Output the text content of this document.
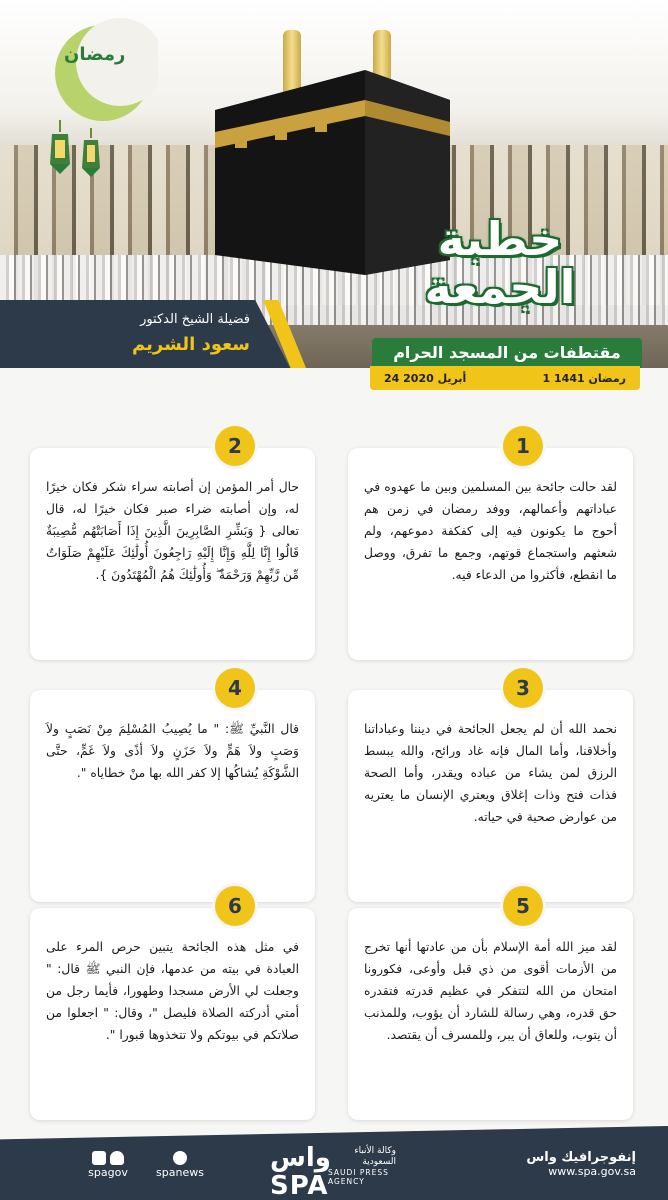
رمضان
خطبة
الجمعة
فضيلة الشيخ الدكتور
سعود الشريم	مقتطفات من المسجد الحرام
24 أبريل 2020	1 رمضان 1441
1
لقد حالت جائحة بين المسلمين وبين ما عهدوه في عباداتهم وأعمالهم، ووفد رمضان في زمن هم أحوج ما يكونون فيه إلى كفكفة دموعهم، ولم شعثهم واستجماع قوتهم، وجمع ما تفرق، ووصل ما انقطع، فأكثروا من الدعاء فيه.
2
حال أمر المؤمن إن أصابته سراء شكر فكان خيرًا له، وإن أصابته ضراء صبر فكان خيرًا له، قال تعالى { وَبَشِّرِ الصَّابِرِينَ الَّذِينَ إِذَا أَصَابَتْهُم مُّصِيبَةٌ قَالُوا إِنَّا لِلَّهِ وَإِنَّا إِلَيْهِ رَاجِعُونَ أُولَٰئِكَ عَلَيْهِمْ صَلَوَاتٌ مِّن رَّبِّهِمْ وَرَحْمَةٌ ۖ وَأُولَٰئِكَ هُمُ الْمُهْتَدُونَ }.
3
نحمد الله أن لم يجعل الجائحة في ديننا وعباداتنا وأخلاقنا، وأما المال فإنه غاد ورائح، والله يبسط الرزق لمن يشاء من عباده ويقدر، وأما الصحة فذات فتح وذات إغلاق ويعتري الإنسان ما يعتريه من عوارض صحية في حياته.
4
قال النَّبيِّ ﷺ: " ما يُصِيبُ المُسْلِمَ مِنْ نَصَبٍ ولاَ وَصَبٍ ولاَ هَمٍّ ولاَ حَزَنٍ ولاَ أذًى ولاَ غَمٍّ، حتَّى الشَّوْكَةِ يُشاكُها إلا كفر الله بها منْ خطاياه ".
5
لقد ميز الله أمة الإسلام بأن من عادتها أنها تخرج من الأزمات أقوى من ذي قبل وأوعى، فكورونا امتحان من الله لتتفكر في عظيم قدرته فتقدره حق قدره، وهي رسالة للشارد أن يؤوب، وللمذنب أن يتوب، وللعاق أن يبر، وللمسرف أن يقتصد.
6
في مثل هذه الجائحة يتبين حرص المرء على العبادة في بيته من عدمها، فإن النبي ﷺ قال: " وجعلت لي الأرض مسجدا وطهورا، فأيما رجل من أمتي أدركته الصلاة فليصل "، وقال: " اجعلوا من صلاتكم في بيوتكم ولا تتخذوها قبورا ".
إنفوجرافيك واس
www.spa.gov.sa
واس SPA
وكالة الأنباء السعودية
SAUDI PRESS AGENCY
spanews
spagov
